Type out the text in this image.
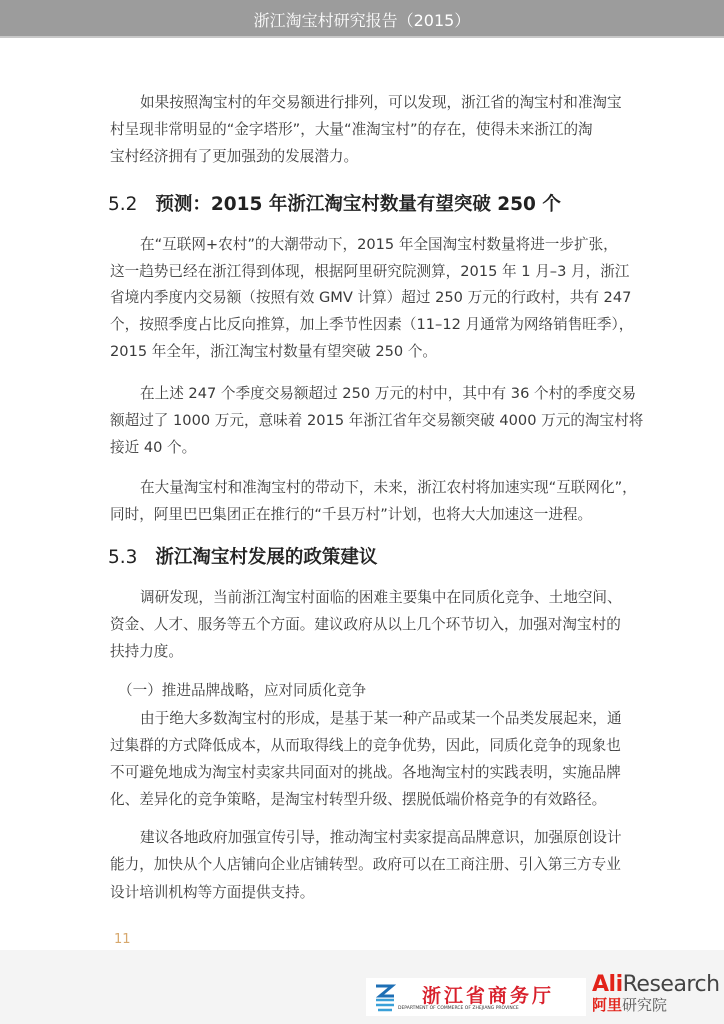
浙江淘宝村研究报告（2015）
如果按照淘宝村的年交易额进行排列，可以发现，浙江省的淘宝村和准淘宝
村呈现非常明显的“金字塔形”，大量“准淘宝村”的存在，使得未来浙江的淘
宝村经济拥有了更加强劲的发展潜力。
5.2 预测：2015 年浙江淘宝村数量有望突破 250 个
在“互联网+农村”的大潮带动下，2015 年全国淘宝村数量将进一步扩张，
这一趋势已经在浙江得到体现，根据阿里研究院测算，2015 年 1 月–3 月，浙江
省境内季度内交易额（按照有效 GMV 计算）超过 250 万元的行政村，共有 247
个，按照季度占比反向推算，加上季节性因素（11–12 月通常为网络销售旺季），
2015 年全年，浙江淘宝村数量有望突破 250 个。
在上述 247 个季度交易额超过 250 万元的村中，其中有 36 个村的季度交易
额超过了 1000 万元，意味着 2015 年浙江省年交易额突破 4000 万元的淘宝村将
接近 40 个。
在大量淘宝村和准淘宝村的带动下，未来，浙江农村将加速实现“互联网化”，
同时，阿里巴巴集团正在推行的“千县万村”计划，也将大大加速这一进程。
5.3 浙江淘宝村发展的政策建议
调研发现，当前浙江淘宝村面临的困难主要集中在同质化竞争、土地空间、
资金、人才、服务等五个方面。建议政府从以上几个环节切入，加强对淘宝村的
扶持力度。
（一）推进品牌战略，应对同质化竞争
由于绝大多数淘宝村的形成，是基于某一种产品或某一个品类发展起来，通
过集群的方式降低成本，从而取得线上的竞争优势，因此，同质化竞争的现象也
不可避免地成为淘宝村卖家共同面对的挑战。各地淘宝村的实践表明，实施品牌
化、差异化的竞争策略，是淘宝村转型升级、摆脱低端价格竞争的有效路径。
建议各地政府加强宣传引导，推动淘宝村卖家提高品牌意识，加强原创设计
能力，加快从个人店铺向企业店铺转型。政府可以在工商注册、引入第三方专业
设计培训机构等方面提供支持。
11
浙江省商务厅
DEPARTMENT OF COMMERCE OF ZHEJIANG PROVINCE
AliResearch
阿里研究院
